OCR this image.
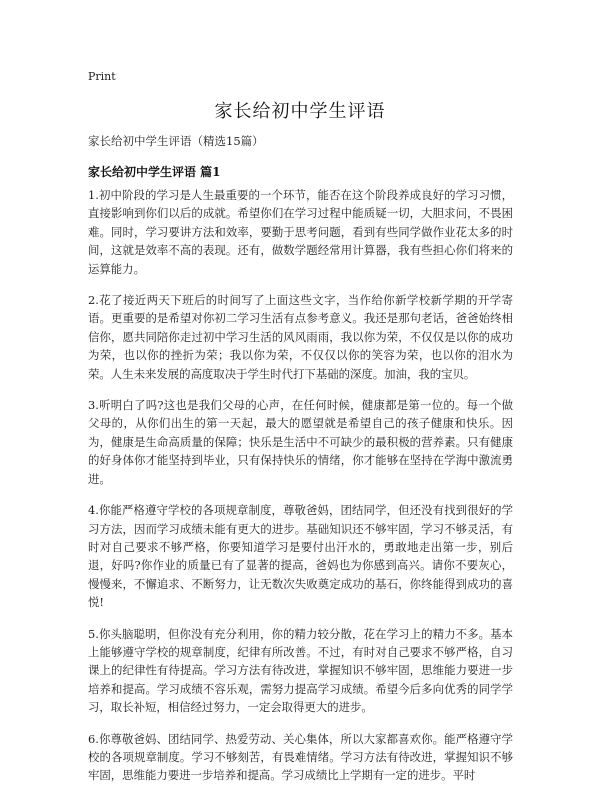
Print
家长给初中学生评语
家长给初中学生评语（精选15篇）
家长给初中学生评语 篇1

1.初中阶段的学习是人生最重要的一个环节，能否在这个阶段养成良好的学习习惯，直接影响到你们以后的成就。希望你们在学习过程中能质疑一切，大胆求问，不畏困难。同时，学习要讲方法和效率，要勤于思考问题，看到有些同学做作业花太多的时间，这就是效率不高的表现。还有，做数学题经常用计算器，我有些担心你们将来的运算能力。

2.花了接近两天下班后的时间写了上面这些文字，当作给你新学校新学期的开学寄语。更重要的是希望对你初二学习生活有点参考意义。我还是那句老话，爸爸始终相信你，愿共同陪你走过初中学习生活的风风雨雨，我以你为荣，不仅仅是以你的成功为荣，也以你的挫折为荣；我以你为荣，不仅仅以你的笑容为荣，也以你的泪水为荣。人生未来发展的高度取决于学生时代打下基础的深度。加油，我的宝贝。

3.听明白了吗?这也是我们父母的心声，在任何时候，健康都是第一位的。每一个做父母的，从你们出生的第一天起，最大的愿望就是希望自己的孩子健康和快乐。因为，健康是生命高质量的保障；快乐是生活中不可缺少的最积极的营养素。只有健康的好身体你才能坚持到毕业，只有保持快乐的情绪，你才能够在坚持在学海中激流勇进。

4.你能严格遵守学校的各项规章制度，尊敬爸妈，团结同学，但还没有找到很好的学习方法，因而学习成绩未能有更大的进步。基础知识还不够牢固，学习不够灵活，有时对自己要求不够严格，你要知道学习是要付出汗水的，勇敢地走出第一步，别后退，好吗?你作业的质量已有了显著的提高，爸妈也为你感到高兴。请你不要灰心，慢慢来，不懈追求、不断努力，让无数次失败奠定成功的基石，你终能得到成功的喜悦!

5.你头脑聪明，但你没有充分利用，你的精力较分散，花在学习上的精力不多。基本上能够遵守学校的规章制度，纪律有所改善。不过，有时对自己要求不够严格，自习课上的纪律性有待提高。学习方法有待改进，掌握知识不够牢固，思维能力要进一步培养和提高。学习成绩不容乐观，需努力提高学习成绩。希望今后多向优秀的同学学习，取长补短，相信经过努力，一定会取得更大的进步。

6.你尊敬爸妈、团结同学、热爱劳动、关心集体，所以大家都喜欢你。能严格遵守学校的各项规章制度。学习不够刻苦，有畏难情绪。学习方法有待改进，掌握知识不够牢固，思维能力要进一步培养和提高。学习成绩比上学期有一定的进步。平时
